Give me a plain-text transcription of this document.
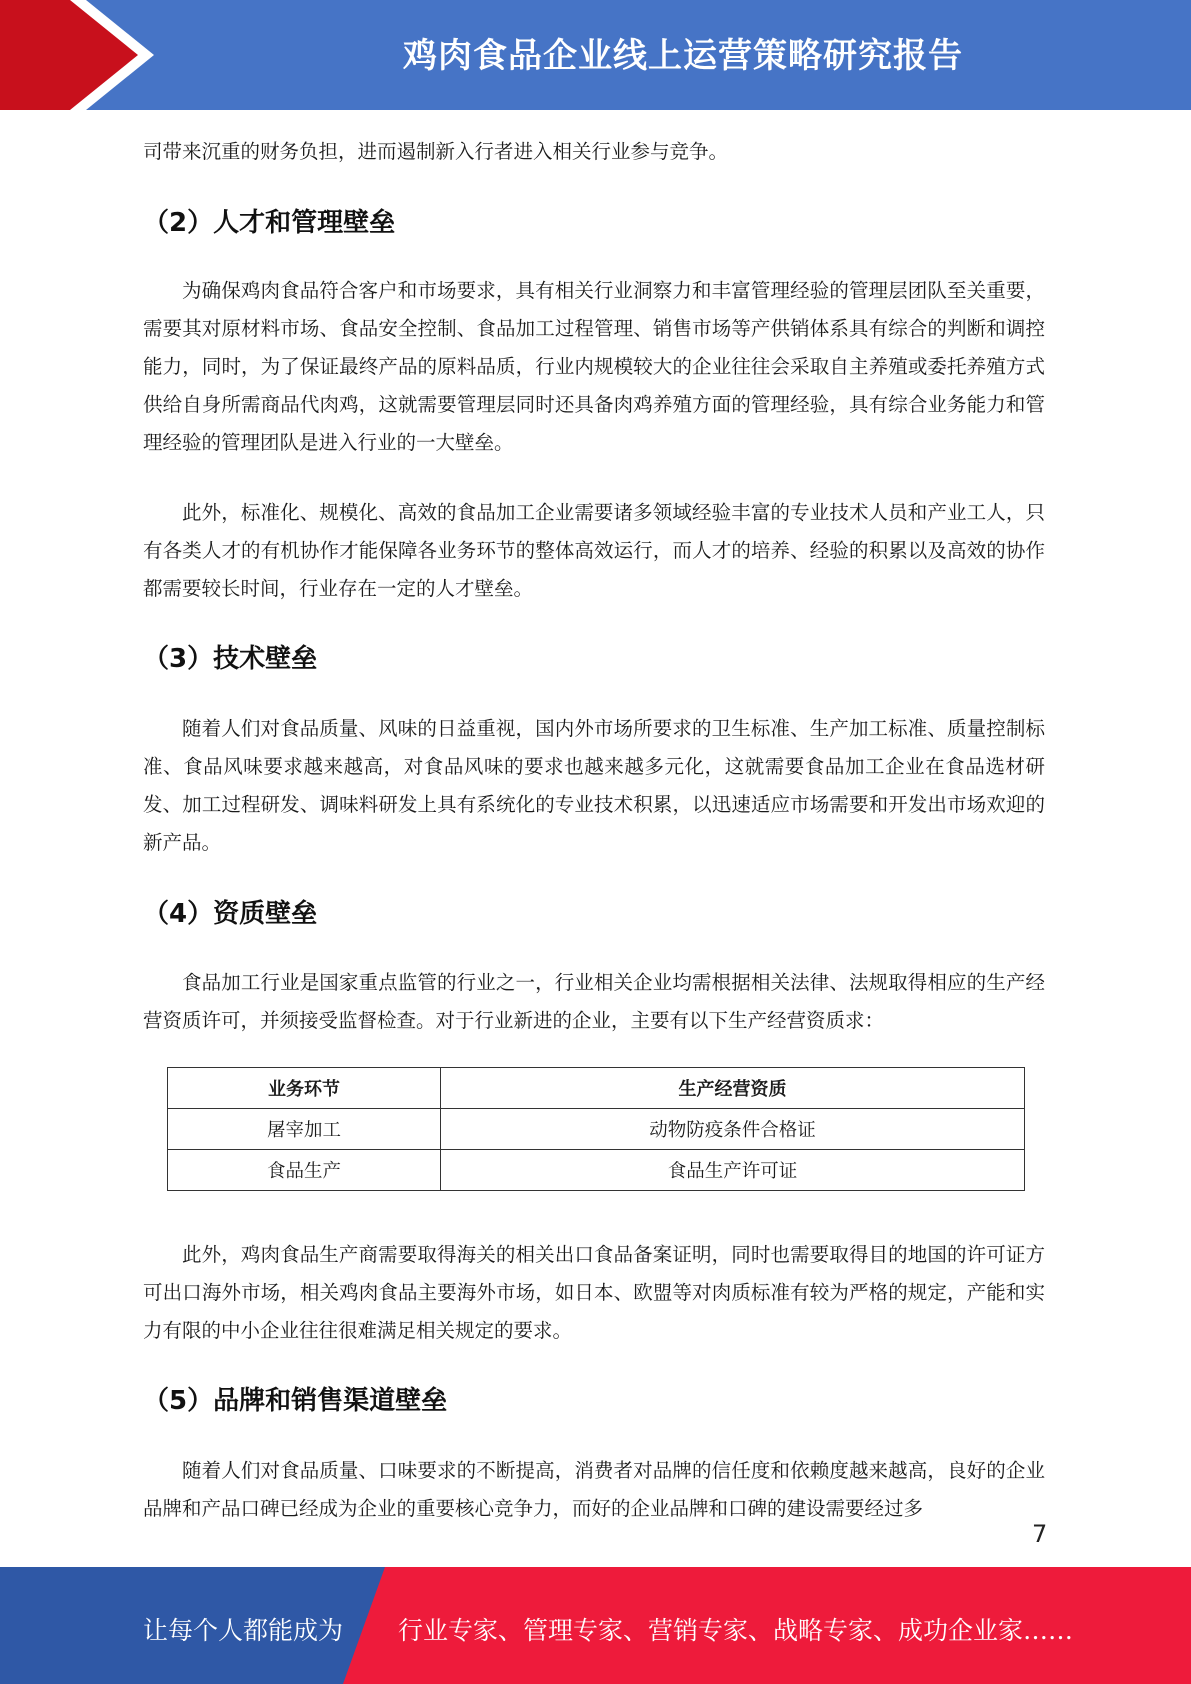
鸡肉食品企业线上运营策略研究报告

司带来沉重的财务负担，进而遏制新入行者进入相关行业参与竞争。

（2）人才和管理壁垒

为确保鸡肉食品符合客户和市场要求，具有相关行业洞察力和丰富管理经验的管理层团队至关重要，需要其对原材料市场、食品安全控制、食品加工过程管理、销售市场等产供销体系具有综合的判断和调控能力，同时，为了保证最终产品的原料品质，行业内规模较大的企业往往会采取自主养殖或委托养殖方式供给自身所需商品代肉鸡，这就需要管理层同时还具备肉鸡养殖方面的管理经验，具有综合业务能力和管理经验的管理团队是进入行业的一大壁垒。

此外，标准化、规模化、高效的食品加工企业需要诸多领域经验丰富的专业技术人员和产业工人，只有各类人才的有机协作才能保障各业务环节的整体高效运行，而人才的培养、经验的积累以及高效的协作都需要较长时间，行业存在一定的人才壁垒。

（3）技术壁垒

随着人们对食品质量、风味的日益重视，国内外市场所要求的卫生标准、生产加工标准、质量控制标准、食品风味要求越来越高，对食品风味的要求也越来越多元化，这就需要食品加工企业在食品选材研发、加工过程研发、调味料研发上具有系统化的专业技术积累，以迅速适应市场需要和开发出市场欢迎的新产品。

（4）资质壁垒

食品加工行业是国家重点监管的行业之一，行业相关企业均需根据相关法律、法规取得相应的生产经营资质许可，并须接受监督检查。对于行业新进的企业，主要有以下生产经营资质求：

业务环节	生产经营资质
屠宰加工	动物防疫条件合格证
食品生产	食品生产许可证

此外，鸡肉食品生产商需要取得海关的相关出口食品备案证明，同时也需要取得目的地国的许可证方可出口海外市场，相关鸡肉食品主要海外市场，如日本、欧盟等对肉质标准有较为严格的规定，产能和实力有限的中小企业往往很难满足相关规定的要求。

（5）品牌和销售渠道壁垒

随着人们对食品质量、口味要求的不断提高，消费者对品牌的信任度和依赖度越来越高，良好的企业品牌和产品口碑已经成为企业的重要核心竞争力，而好的企业品牌和口碑的建设需要经过多

7
让每个人都能成为 行业专家、管理专家、营销专家、战略专家、成功企业家……
